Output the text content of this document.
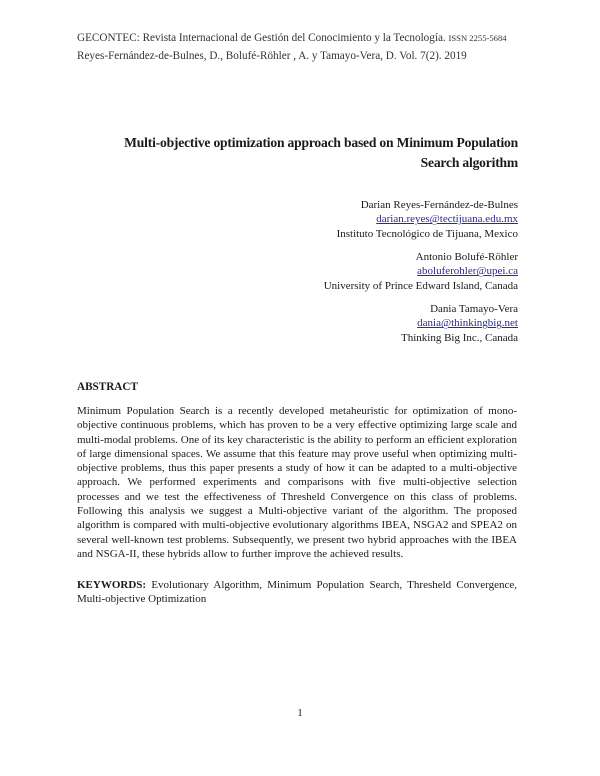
GECONTEC: Revista Internacional de Gestión del Conocimiento y la Tecnología. ISSN 2255-5684
Reyes-Fernández-de-Bulnes, D., Bolufé-Röhler , A. y Tamayo-Vera, D. Vol. 7(2). 2019
Multi-objective optimization approach based on Minimum Population
Search algorithm
Darian Reyes-Fernández-de-Bulnes
darian.reyes@tectijuana.edu.mx
Instituto Tecnológico de Tijuana, Mexico
Antonio Bolufé-Röhler
aboluferohler@upei.ca
University of Prince Edward Island, Canada
Dania Tamayo-Vera
dania@thinkingbig.net
Thinking Big Inc., Canada
ABSTRACT
Minimum Population Search is a recently developed metaheuristic for optimization of mono-objective continuous problems, which has proven to be a very effective optimizing large scale and multi-modal problems. One of its key characteristic is the ability to perform an efficient exploration of large dimensional spaces. We assume that this feature may prove useful when optimizing multi-objective problems, thus this paper presents a study of how it can be adapted to a multi-objective approach. We performed experiments and comparisons with five multi-objective selection processes and we test the effectiveness of Thresheld Convergence on this class of problems. Following this analysis we suggest a Multi-objective variant of the algorithm. The proposed algorithm is compared with multi-objective evolutionary algorithms IBEA, NSGA2 and SPEA2 on several well-known test problems. Subsequently, we present two hybrid approaches with the IBEA and NSGA-II, these hybrids allow to further improve the achieved results.
KEYWORDS: Evolutionary Algorithm, Minimum Population Search, Thresheld Convergence, Multi-objective Optimization
1
